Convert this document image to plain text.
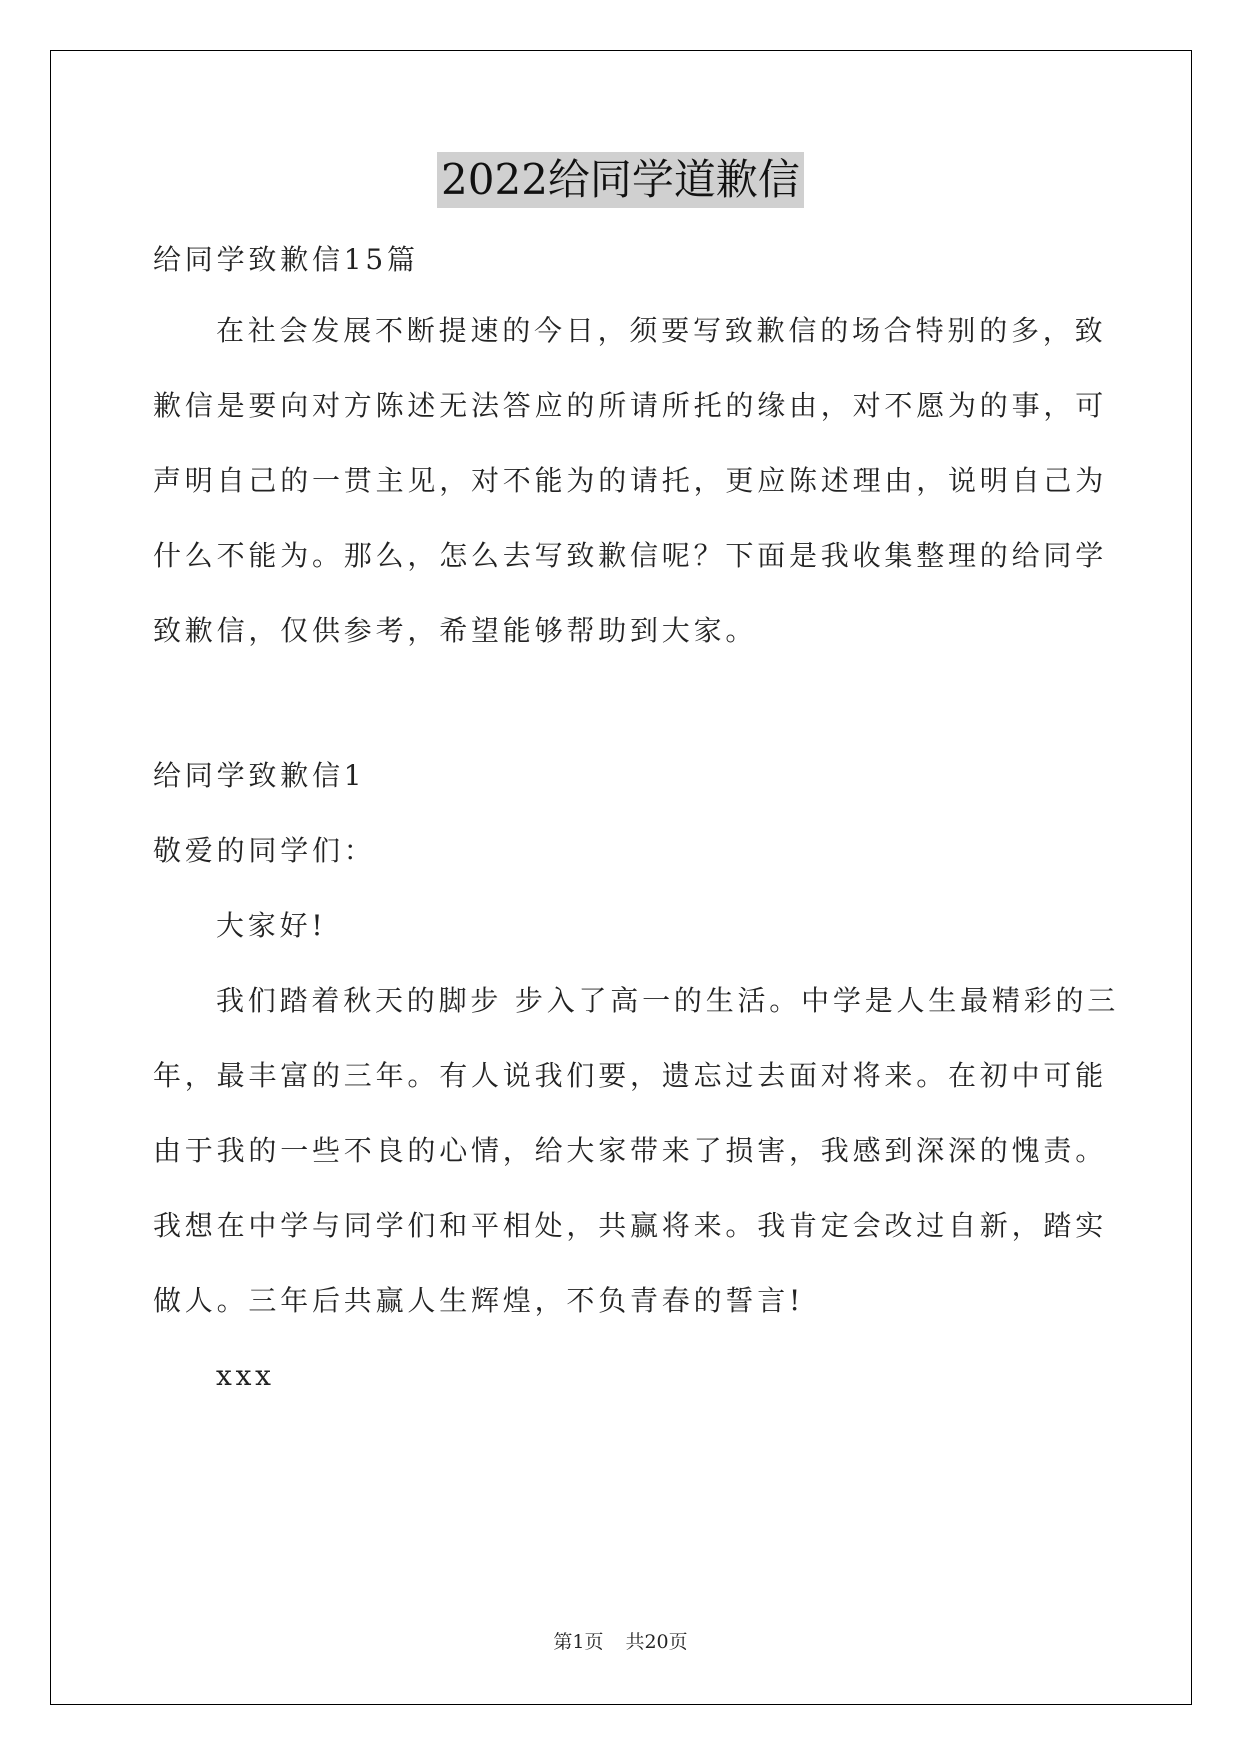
2022给同学道歉信
给同学致歉信15篇
在社会发展不断提速的今日，须要写致歉信的场合特别的多，致
歉信是要向对方陈述无法答应的所请所托的缘由，对不愿为的事，可
声明自己的一贯主见，对不能为的请托，更应陈述理由，说明自己为
什么不能为。那么，怎么去写致歉信呢？下面是我收集整理的给同学
致歉信，仅供参考，希望能够帮助到大家。
给同学致歉信1
敬爱的同学们：
大家好!
我们踏着秋天的脚步 步入了高一的生活。中学是人生最精彩的三
年，最丰富的三年。有人说我们要，遗忘过去面对将来。在初中可能
由于我的一些不良的心情，给大家带来了损害，我感到深深的愧责。
我想在中学与同学们和平相处，共赢将来。我肯定会改过自新，踏实
做人。三年后共赢人生辉煌，不负青春的誓言!
xxx
第1页 共20页
